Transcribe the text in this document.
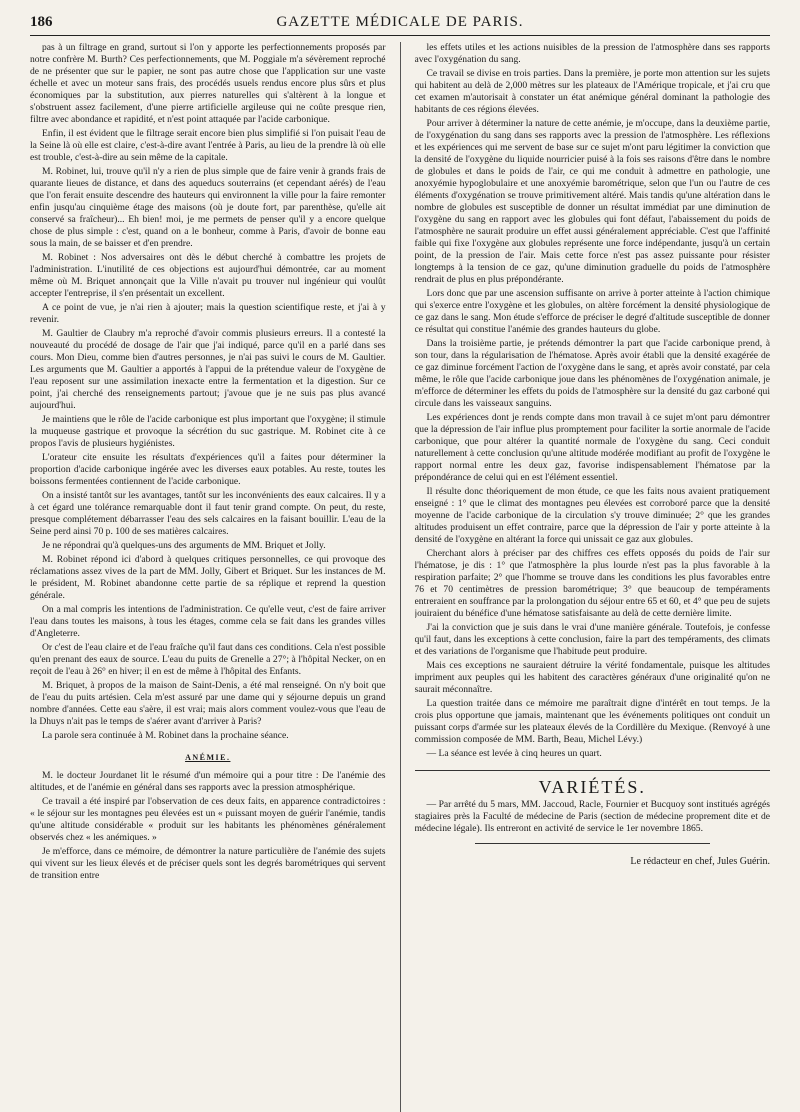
186	GAZETTE MÉDICALE DE PARIS.

pas à un filtrage en grand, surtout si l'on y apporte les perfectionnements proposés par notre confrère M. Burth? Ces perfectionnements, que M. Poggiale m'a sévèrement reproché de ne présenter que sur le papier, ne sont pas autre chose que l'application sur une vaste échelle et avec un moteur sans frais, des procédés usuels rendus encore plus sûrs et plus économiques par la substitution, aux pierres naturelles qui s'altèrent à la longue et s'obstruent assez facilement, d'une pierre artificielle argileuse qui ne coûte presque rien, filtre avec abondance et rapidité, et n'est point attaquée par l'acide carbonique.

Enfin, il est évident que le filtrage serait encore bien plus simplifié si l'on puisait l'eau de la Seine là où elle est claire, c'est-à-dire avant l'entrée à Paris, au lieu de la prendre là où elle est trouble, c'est-à-dire au sein même de la capitale.

M. Robinet, lui, trouve qu'il n'y a rien de plus simple que de faire venir à grands frais de quarante lieues de distance, et dans des aqueducs souterrains (et cependant aérés) de l'eau que l'on ferait ensuite descendre des hauteurs qui environnent la ville pour la faire remonter enfin jusqu'au cinquième étage des maisons (où je doute fort, par parenthèse, qu'elle ait conservé sa fraîcheur)... Eh bien! moi, je me permets de penser qu'il y a encore quelque chose de plus simple : c'est, quand on a le bonheur, comme à Paris, d'avoir de bonne eau sous la main, de se baisser et d'en prendre.

M. Robinet : Nos adversaires ont dès le début cherché à combattre les projets de l'administration. L'inutilité de ces objections est aujourd'hui démontrée, car au moment même où M. Briquet annonçait que la Ville n'avait pu trouver nul ingénieur qui voulût accepter l'entreprise, il s'en présentait un excellent.

A ce point de vue, je n'ai rien à ajouter; mais la question scientifique reste, et j'ai à y revenir.

M. Gaultier de Claubry m'a reproché d'avoir commis plusieurs erreurs. Il a contesté la nouveauté du procédé de dosage de l'air que j'ai indiqué, parce qu'il en a parlé dans ses cours. Mon Dieu, comme bien d'autres personnes, je n'ai pas suivi le cours de M. Gaultier. Les arguments que M. Gaultier a apportés à l'appui de la prétendue valeur de l'oxygène de l'eau reposent sur une assimilation inexacte entre la fermentation et la digestion. Sur ce point, j'ai cherché des renseignements partout; j'avoue que je ne suis pas plus avancé aujourd'hui.

Je maintiens que le rôle de l'acide carbonique est plus important que l'oxygène; il stimule la muqueuse gastrique et provoque la sécrétion du suc gastrique. M. Robinet cite à ce propos l'avis de plusieurs hygiénistes.

L'orateur cite ensuite les résultats d'expériences qu'il a faites pour déterminer la proportion d'acide carbonique ingérée avec les diverses eaux potables. Au reste, toutes les boissons fermentées contiennent de l'acide carbonique.

On a insisté tantôt sur les avantages, tantôt sur les inconvénients des eaux calcaires. Il y a à cet égard une tolérance remarquable dont il faut tenir grand compte. On peut, du reste, presque complétement débarrasser l'eau des sels calcaires en la faisant bouillir. L'eau de la Seine perd ainsi 70 p. 100 de ses matières calcaires.

Je ne répondrai qu'à quelques-uns des arguments de MM. Briquet et Jolly.

M. Robinet répond ici d'abord à quelques critiques personnelles, ce qui provoque des réclamations assez vives de la part de MM. Jolly, Gibert et Briquet. Sur les instances de M. le président, M. Robinet abandonne cette partie de sa réplique et reprend la question générale.

On a mal compris les intentions de l'administration. Ce qu'elle veut, c'est de faire arriver l'eau dans toutes les maisons, à tous les étages, comme cela se fait dans les grandes villes d'Angleterre.

Or c'est de l'eau claire et de l'eau fraîche qu'il faut dans ces conditions. Cela n'est possible qu'en prenant des eaux de source. L'eau du puits de Grenelle a 27°; à l'hôpital Necker, on en reçoit de l'eau à 26° en hiver; il en est de même à l'hôpital des Enfants.

M. Briquet, à propos de la maison de Saint-Denis, a été mal renseigné. On n'y boit que de l'eau du puits artésien. Cela m'est assuré par une dame qui y séjourne depuis un grand nombre d'années. Cette eau s'aère, il est vrai; mais alors comment voulez-vous que l'eau de la Dhuys n'ait pas le temps de s'aérer avant d'arriver à Paris?

La parole sera continuée à M. Robinet dans la prochaine séance.

ANÉMIE.

M. le docteur Jourdanet lit le résumé d'un mémoire qui a pour titre : De l'anémie des altitudes, et de l'anémie en général dans ses rapports avec la pression atmosphérique.

Ce travail a été inspiré par l'observation de ces deux faits, en apparence contradictoires : « le séjour sur les montagnes peu élevées est un « puissant moyen de guérir l'anémie, tandis qu'une altitude considérable « produit sur les habitants les phénomènes généralement observés chez « les anémiques. »

Je m'efforce, dans ce mémoire, de démontrer la nature particulière de l'anémie des sujets qui vivent sur les lieux élevés et de préciser quels sont les degrés barométriques qui servent de transition entre

les effets utiles et les actions nuisibles de la pression de l'atmosphère dans ses rapports avec l'oxygénation du sang.

Ce travail se divise en trois parties. Dans la première, je porte mon attention sur les sujets qui habitent au delà de 2,000 mètres sur les plateaux de l'Amérique tropicale, et j'ai cru que cet examen m'autorisait à constater un état anémique général dominant la pathologie des habitants de ces régions élevées.

Pour arriver à déterminer la nature de cette anémie, je m'occupe, dans la deuxième partie, de l'oxygénation du sang dans ses rapports avec la pression de l'atmosphère. Les réflexions et les expériences qui me servent de base sur ce sujet m'ont paru légitimer la conviction que la densité de l'oxygène du liquide nourricier puisé à la fois ses raisons d'être dans le nombre de globules et dans le poids de l'air, ce qui me conduit à admettre en pathologie, une anoxyémie hypoglobulaire et une anoxyémie barométrique, selon que l'un ou l'autre de ces éléments d'oxygénation se trouve primitivement altéré. Mais tandis qu'une altération dans le nombre de globules est susceptible de donner un résultat immédiat par une diminution de l'oxygène du sang en rapport avec les globules qui font défaut, l'abaissement du poids de l'atmosphère ne saurait produire un effet aussi généralement appréciable. C'est que l'affinité faible qui fixe l'oxygène aux globules représente une force indépendante, jusqu'à un certain point, de la pression de l'air. Mais cette force n'est pas assez puissante pour résister longtemps à la tension de ce gaz, qu'une diminution graduelle du poids de l'atmosphère rendrait de plus en plus prépondérante.

Lors donc que par une ascension suffisante on arrive à porter atteinte à l'action chimique qui s'exerce entre l'oxygène et les globules, on altère forcément la densité physiologique de ce gaz dans le sang. Mon étude s'efforce de préciser le degré d'altitude susceptible de donner ce résultat qui constitue l'anémie des grandes hauteurs du globe.

Dans la troisième partie, je prétends démontrer la part que l'acide carbonique prend, à son tour, dans la régularisation de l'hématose. Après avoir établi que la densité exagérée de ce gaz diminue forcément l'action de l'oxygène dans le sang, et après avoir constaté, par cela même, le rôle que l'acide carbonique joue dans les phénomènes de l'oxygénation animale, je m'efforce de déterminer les effets du poids de l'atmosphère sur la densité du gaz carboné qui circule dans les vaisseaux sanguins.

Les expériences dont je rends compte dans mon travail à ce sujet m'ont paru démontrer que la dépression de l'air influe plus promptement pour faciliter la sortie anormale de l'acide carbonique, que pour altérer la quantité normale de l'oxygène du sang. Ceci conduit naturellement à cette conclusion qu'une altitude modérée modifiant au profit de l'oxygène le rapport normal entre les deux gaz, favorise indispensablement l'hématose par la prépondérance de celui qui en est l'élément essentiel.

Il résulte donc théoriquement de mon étude, ce que les faits nous avaient pratiquement enseigné : 1° que le climat des montagnes peu élevées est corroboré parce que la densité moyenne de l'acide carbonique de la circulation s'y trouve diminuée; 2° que les grandes altitudes produisent un effet contraire, parce que la dépression de l'air y porte atteinte à la densité de l'oxygène en altérant la force qui unissait ce gaz aux globules.

Cherchant alors à préciser par des chiffres ces effets opposés du poids de l'air sur l'hématose, je dis : 1° que l'atmosphère la plus lourde n'est pas la plus favorable à la respiration parfaite; 2° que l'homme se trouve dans les conditions les plus favorables entre 76 et 70 centimètres de pression barométrique; 3° que beaucoup de tempéraments entreraient en souffrance par la prolongation du séjour entre 65 et 60, et 4° que peu de sujets jouiraient du bénéfice d'une hématose satisfaisante au delà de cette dernière limite.

J'ai la conviction que je suis dans le vrai d'une manière générale. Toutefois, je confesse qu'il faut, dans les exceptions à cette conclusion, faire la part des tempéraments, des climats et des variations de l'organisme que l'habitude peut produire.

Mais ces exceptions ne sauraient détruire la vérité fondamentale, puisque les altitudes impriment aux peuples qui les habitent des caractères généraux d'une originalité qu'on ne saurait méconnaître.

La question traitée dans ce mémoire me paraîtrait digne d'intérêt en tout temps. Je la crois plus opportune que jamais, maintenant que les événements politiques ont conduit un puissant corps d'armée sur les plateaux élevés de la Cordillère du Mexique. (Renvoyé à une commission composée de MM. Barth, Beau, Michel Lévy.)

— La séance est levée à cinq heures un quart.

VARIÉTÉS.

— Par arrêté du 5 mars, MM. Jaccoud, Racle, Fournier et Bucquoy sont institués agrégés stagiaires près la Faculté de médecine de Paris (section de médecine proprement dite et de médecine légale). Ils entreront en activité de service le 1er novembre 1865.

Le rédacteur en chef, Jules Guérin.
